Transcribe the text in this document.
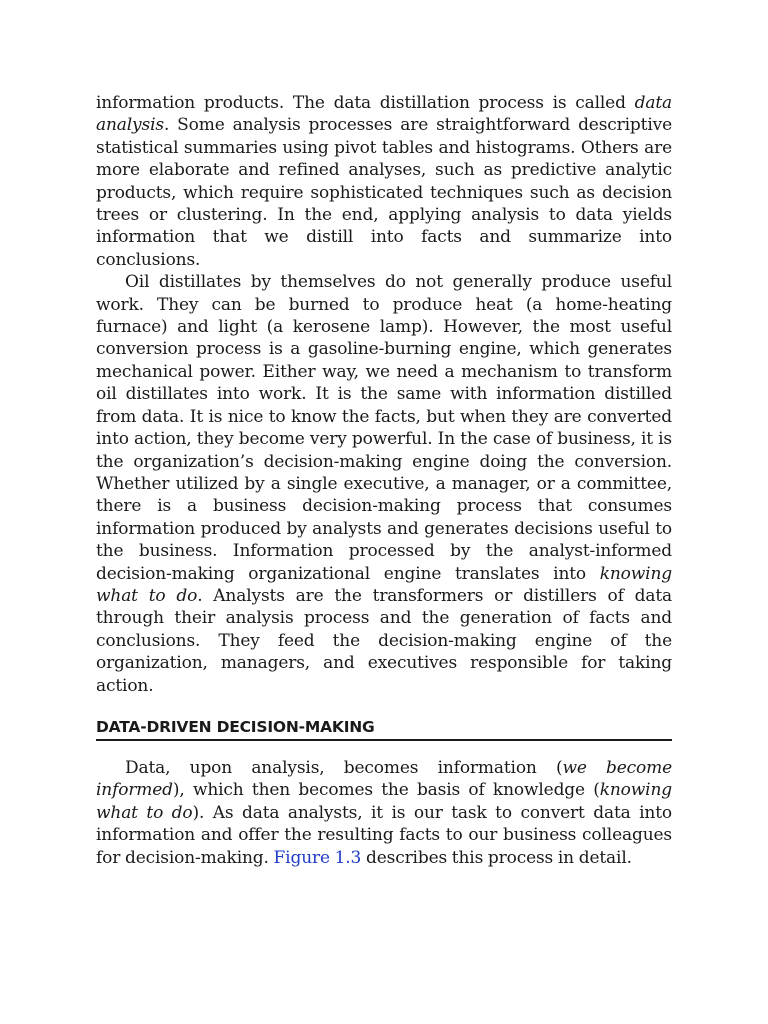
information products. The data distillation process is called data analysis. Some analysis processes are straightforward descriptive statistical summaries using pivot tables and histograms. Others are more elaborate and refined analyses, such as predictive analytic products, which require sophisticated techniques such as decision trees or clustering. In the end, applying analysis to data yields information that we distill into facts and summarize into conclusions.

Oil distillates by themselves do not generally produce useful work. They can be burned to produce heat (a home-heating furnace) and light (a kerosene lamp). However, the most useful conversion process is a gasoline-burning engine, which generates mechanical power. Either way, we need a mechanism to transform oil distillates into work. It is the same with information distilled from data. It is nice to know the facts, but when they are converted into action, they become very powerful. In the case of business, it is the organization’s decision-making engine doing the conversion. Whether utilized by a single executive, a manager, or a committee, there is a business decision-making process that consumes information produced by analysts and generates decisions useful to the business. Information processed by the analyst-informed decision-making organizational engine translates into knowing what to do. Analysts are the transformers or distillers of data through their analysis process and the generation of facts and conclusions. They feed the decision-making engine of the organization, managers, and executives responsible for taking action.

DATA-DRIVEN DECISION-MAKING

Data, upon analysis, becomes information (we become informed), which then becomes the basis of knowledge (knowing what to do). As data analysts, it is our task to convert data into information and offer the resulting facts to our business colleagues for decision-making. Figure 1.3 describes this process in detail.
